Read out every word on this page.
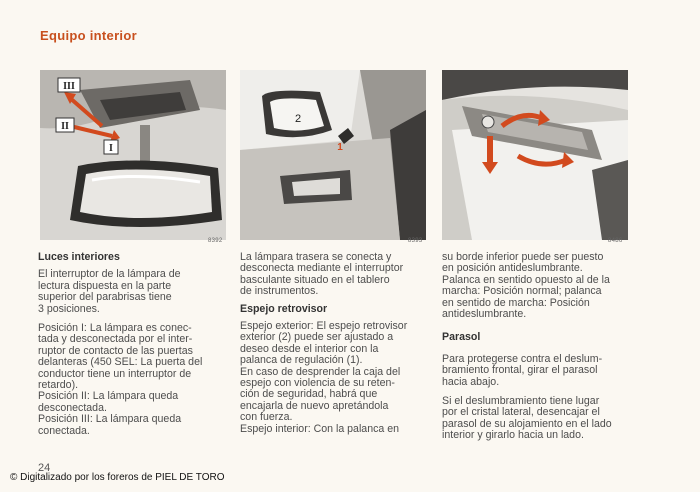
Equipo interior
III
II
I
8392
2
1
8393	8486
Luces interiores

El interruptor de la lámpara de
lectura dispuesta en la parte
superior del parabrisas tiene
3 posiciones.

Posición I: La lámpara es conec-
tada y desconectada por el inter-
ruptor de contacto de las puertas
delanteras (450 SEL: La puerta del
conductor tiene un interruptor de
retardo).
Posición II: La lámpara queda
desconectada.
Posición III: La lámpara queda
conectada.

La lámpara trasera se conecta y
desconecta mediante el interruptor
basculante situado en el tablero
de instrumentos.

Espejo retrovisor

Espejo exterior: El espejo retrovisor
exterior (2) puede ser ajustado a
deseo desde el interior con la
palanca de regulación (1).
En caso de desprender la caja del
espejo con violencia de su reten-
ción de seguridad, habrá que
encajarla de nuevo apretándola
con fuerza.
Espejo interior: Con la palanca en

su borde inferior puede ser puesto
en posición antideslumbrante.
Palanca en sentido opuesto al de la
marcha: Posición normal; palanca
en sentido de marcha: Posición
antideslumbrante.

Parasol

Para protegerse contra el deslum-
bramiento frontal, girar el parasol
hacia abajo.

Si el deslumbramiento tiene lugar
por el cristal lateral, desencajar el
parasol de su alojamiento en el lado
interior y girarlo hacia un lado.

24
© Digitalizado por los foreros de PIEL DE TORO
